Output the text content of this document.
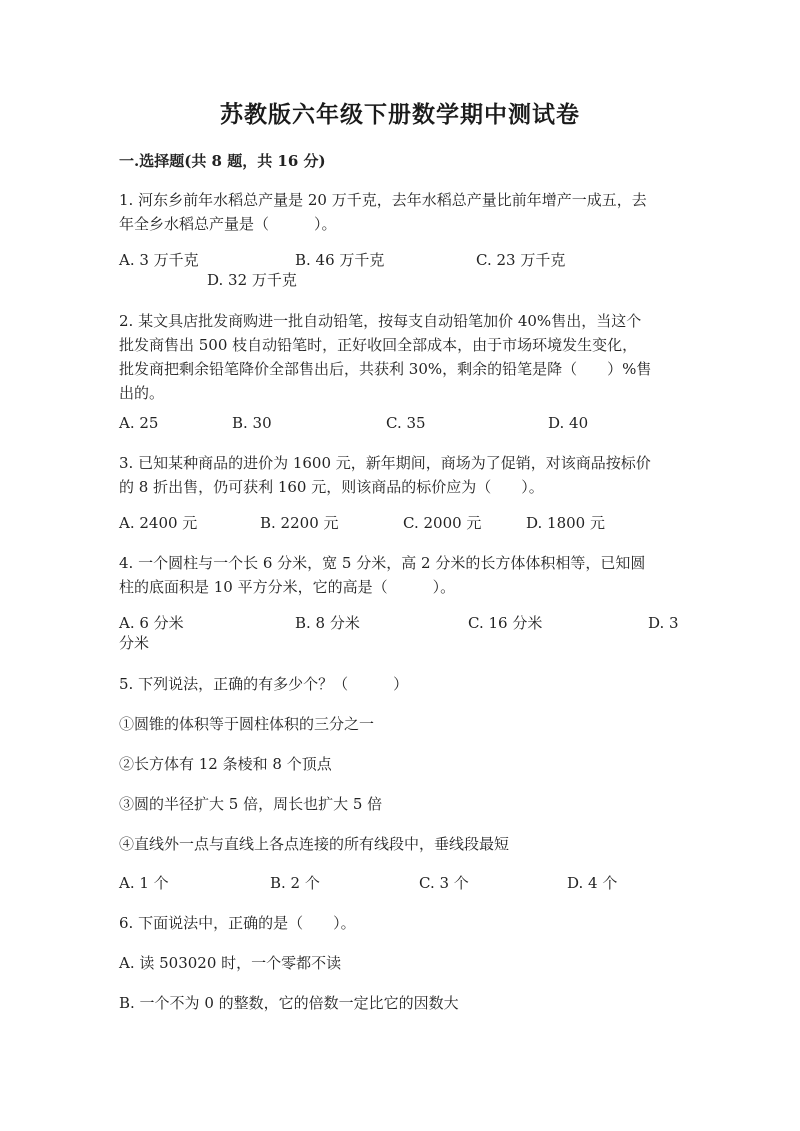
苏教版六年级下册数学期中测试卷
一.选择题(共 8 题，共 16 分)
1. 河东乡前年水稻总产量是 20 万千克，去年水稻总产量比前年增产一成五，去
年全乡水稻总产量是（　　　）。
A. 3 万千克	B. 46 万千克	C. 23 万千克
D. 32 万千克
2. 某文具店批发商购进一批自动铅笔，按每支自动铅笔加价 40%售出，当这个
批发商售出 500 枝自动铅笔时，正好收回全部成本，由于市场环境发生变化，
批发商把剩余铅笔降价全部售出后，共获利 30%，剩余的铅笔是降（　　）%售
出的。
A. 25	B. 30	C. 35	D. 40
3. 已知某种商品的进价为 1600 元，新年期间，商场为了促销，对该商品按标价
的 8 折出售，仍可获利 160 元，则该商品的标价应为（　　）。
A. 2400 元	B. 2200 元	C. 2000 元	D. 1800 元
4. 一个圆柱与一个长 6 分米，宽 5 分米，高 2 分米的长方体体积相等，已知圆
柱的底面积是 10 平方分米，它的高是（　　　）。
A. 6 分米	B. 8 分米	C. 16 分米	D. 3
分米
5. 下列说法，正确的有多少个？（　　　）
①圆锥的体积等于圆柱体积的三分之一
②长方体有 12 条棱和 8 个顶点
③圆的半径扩大 5 倍，周长也扩大 5 倍
④直线外一点与直线上各点连接的所有线段中，垂线段最短
A. 1 个	B. 2 个	C. 3 个	D. 4 个
6. 下面说法中，正确的是（　　）。
A. 读 503020 时，一个零都不读
B. 一个不为 0 的整数，它的倍数一定比它的因数大
